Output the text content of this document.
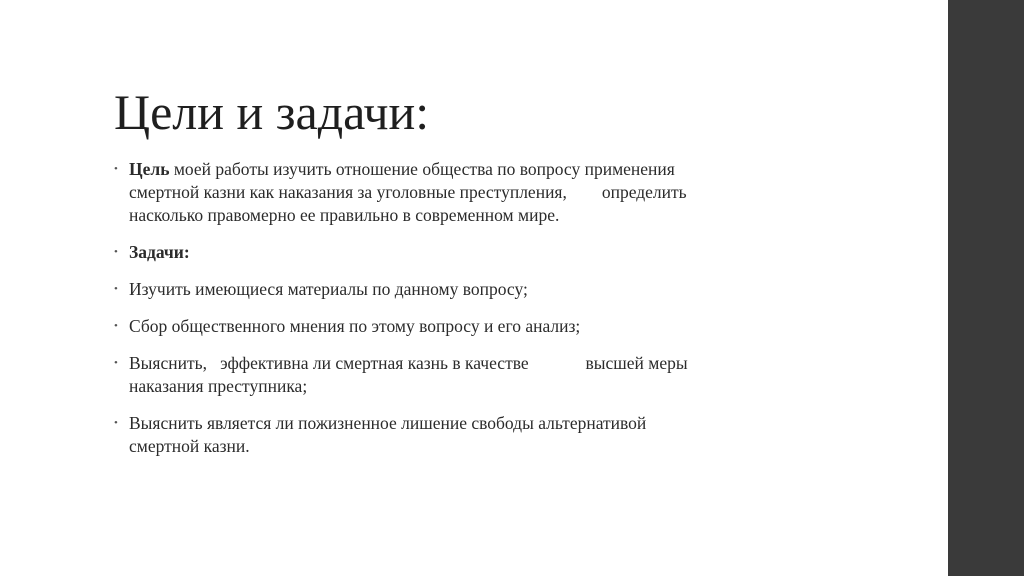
Цели и задачи:
• Цель моей работы изучить отношение общества по вопросу применения
смертной казни как наказания за уголовные преступления,        определить
насколько правомерно ее правильно в современном мире.
• Задачи:
• Изучить имеющиеся материалы по данному вопросу;
• Сбор общественного мнения по этому вопросу и его анализ;
• Выяснить,   эффективна ли смертная казнь в качестве             высшей меры
наказания преступника;
• Выяснить является ли пожизненное лишение свободы альтернативой
смертной казни.
